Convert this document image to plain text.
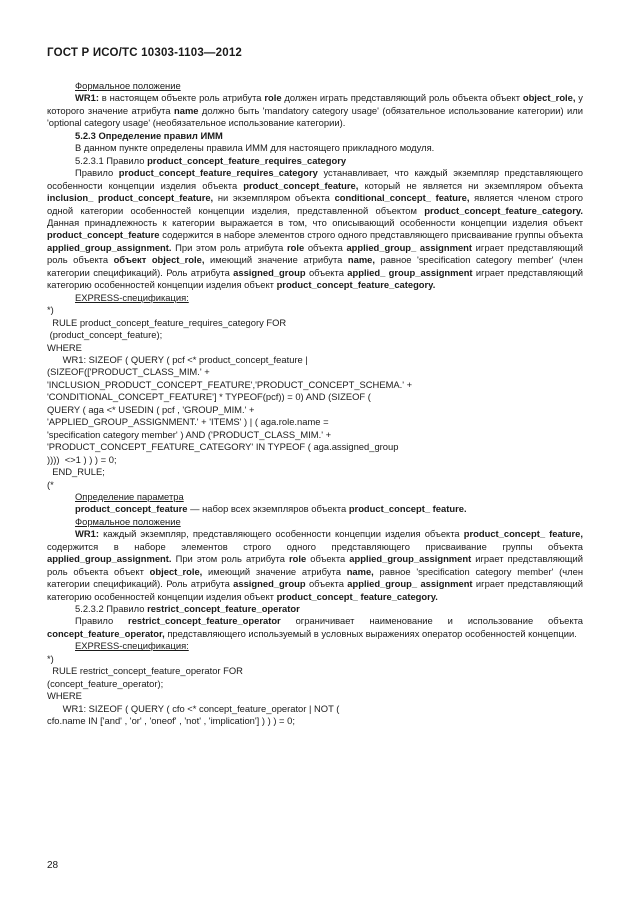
ГОСТ Р ИСО/ТС 10303-1103—2012

Формальное положение

WR1: в настоящем объекте роль атрибута role должен играть представляющий роль объекта объект object_role, у которого значение атрибута name должно быть 'mandatory category usage' (обязательное использование категории) или 'optional category usage' (необязательное использование категории).

5.2.3 Определение правил ИММ

В данном пункте определены правила ИММ для настоящего прикладного модуля.

5.2.3.1 Правило product_concept_feature_requires_category

Правило product_concept_feature_requires_category устанавливает, что каждый экземпляр представляющего особенности концепции изделия объекта product_concept_feature, который не является ни экземпляром объекта inclusion_ product_concept_feature, ни экземпляром объекта conditional_concept_ feature, является членом строго одной категории особенностей концепции изделия, представленной объектом product_concept_feature_category. Данная принадлежность к категории выражается в том, что описывающий особенности концепции изделия объект product_concept_feature содержится в наборе элементов строго одного представляющего присваивание группы объекта applied_group_assignment. При этом роль атрибута role объекта applied_group_ assignment играет представляющий роль объекта объект object_role, имеющий значение атрибута name, равное 'specification category member' (член категории спецификаций). Роль атрибута assigned_group объекта applied_ group_assignment играет представляющий категорию особенностей концепции изделия объект product_concept_feature_category.

EXPRESS-спецификация:

*)

RULE product_concept_feature_requires_category FOR

(product_concept_feature);

WHERE

WR1: SIZEOF ( QUERY ( pcf <* product_concept_feature |

(SIZEOF(['PRODUCT_CLASS_MIM.' +

'INCLUSION_PRODUCT_CONCEPT_FEATURE','PRODUCT_CONCEPT_SCHEMA.' +

'CONDITIONAL_CONCEPT_FEATURE'] * TYPEOF(pcf)) = 0) AND (SIZEOF (

QUERY ( aga <* USEDIN ( pcf , 'GROUP_MIM.' +

'APPLIED_GROUP_ASSIGNMENT.' + 'ITEMS' ) | ( aga.role.name =

'specification category member' ) AND ('PRODUCT_CLASS_MIM.' +

'PRODUCT_CONCEPT_FEATURE_CATEGORY' IN TYPEOF ( aga.assigned_group

))))  <>1 ) ) ) = 0;

END_RULE;

(*

Определение параметра

product_concept_feature — набор всех экземпляров объекта product_concept_ feature.

Формальное положение

WR1: каждый экземпляр, представляющего особенности концепции изделия объекта product_concept_ feature, содержится в наборе элементов строго одного представляющего присваивание группы объекта applied_group_assignment. При этом роль атрибута role объекта applied_group_assignment играет представляющий роль объекта объект object_role, имеющий значение атрибута name, равное 'specification category member' (член категории спецификаций). Роль атрибута assigned_group объекта applied_group_ assignment играет представляющий категорию особенностей концепции изделия объект product_concept_ feature_category.

5.2.3.2 Правило restrict_concept_feature_operator

Правило restrict_concept_feature_operator ограничивает наименование и использование объекта concept_feature_operator, представляющего используемый в условных выражениях оператор особенностей концепции.

EXPRESS-спецификация:

*)

RULE restrict_concept_feature_operator FOR

(concept_feature_operator);

WHERE

WR1: SIZEOF ( QUERY ( cfo <* concept_feature_operator | NOT (

cfo.name IN ['and' , 'or' , 'oneof' , 'not' , 'implication'] ) ) ) = 0;

28
